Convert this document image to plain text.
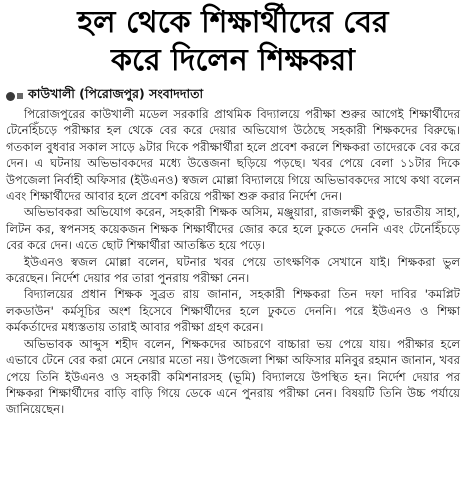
হল থেকে শিক্ষার্থীদের বের
করে দিলেন শিক্ষকরা
কাউখালী (পিরোজপুর) সংবাদদাতা

পিরোজপুরের কাউখালী মডেল সরকারি প্রাথমিক বিদ্যালয়ে পরীক্ষা শুরুর আগেই শিক্ষার্থীদের টেনেহিঁচড়ে পরীক্ষার হল থেকে বের করে দেয়ার অভিযোগ উঠেছে সহকারী শিক্ষকদের বিরুদ্ধে। গতকাল বুধবার সকাল সাড়ে ৯টার দিকে পরীক্ষার্থীরা হলে প্রবেশ করলে শিক্ষকরা তাদেরকে বের করে দেন। এ ঘটনায় অভিভাবকদের মধ্যে উত্তেজনা ছড়িয়ে পড়ছে। খবর পেয়ে বেলা ১১টার দিকে উপজেলা নির্বাহী অফিসার (ইউএনও) স্বজল মোল্লা বিদ্যালয়ে গিয়ে অভিভাবকদের সাথে কথা বলেন এবং শিক্ষার্থীদের আবার হলে প্রবেশ করিয়ে পরীক্ষা শুরু করার নির্দেশ দেন।

অভিভাবকরা অভিযোগ করেন, সহকারী শিক্ষক অসিম, মঞ্জুয়ারা, রাজলক্ষী কুণ্ডু, ভারতীয় সাহা, লিটন কর, স্বপনসহ কয়েকজন শিক্ষক শিক্ষার্থীদের জোর করে হলে ঢুকতে দেননি এবং টেনেহিঁচড়ে বের করে দেন। এতে ছোট শিক্ষার্থীরা আতঙ্কিত হয়ে পড়ে।

ইউএনও স্বজল মোল্লা বলেন, ঘটনার খবর পেয়ে তাৎক্ষণিক সেখানে যাই। শিক্ষকরা ভুল করেছেন। নির্দেশ দেয়ার পর তারা পুনরায় পরীক্ষা নেন।

বিদ্যালয়ের প্রধান শিক্ষক সুব্রত রায় জানান, সহকারী শিক্ষকরা তিন দফা দাবির 'কমপ্লিট লকডাউন' কর্মসূচির অংশ হিসেবে শিক্ষার্থীদের হলে ঢুকতে দেননি। পরে ইউএনও ও শিক্ষা কর্মকর্তাদের মধ্যস্ততায় তারাই আবার পরীক্ষা গ্রহণ করেন।

অভিভাবক আব্দুস শহীদ বলেন, শিক্ষকদের আচরণে বাচ্চারা ভয় পেয়ে যায়। পরীক্ষার হলে এভাবে টেনে বের করা মেনে নেয়ার মতো নয়। উপজেলা শিক্ষা অফিসার মনিবুর রহমান জানান, খবর পেয়ে তিনি ইউএনও ও সহকারী কমিশনারসহ (ভূমি) বিদ্যালয়ে উপস্থিত হন। নির্দেশ দেয়ার পর শিক্ষকরা শিক্ষার্থীদের বাড়ি বাড়ি গিয়ে ডেকে এনে পুনরায় পরীক্ষা নেন। বিষয়টি তিনি উচ্চ পর্যায়ে জানিয়েছেন।
